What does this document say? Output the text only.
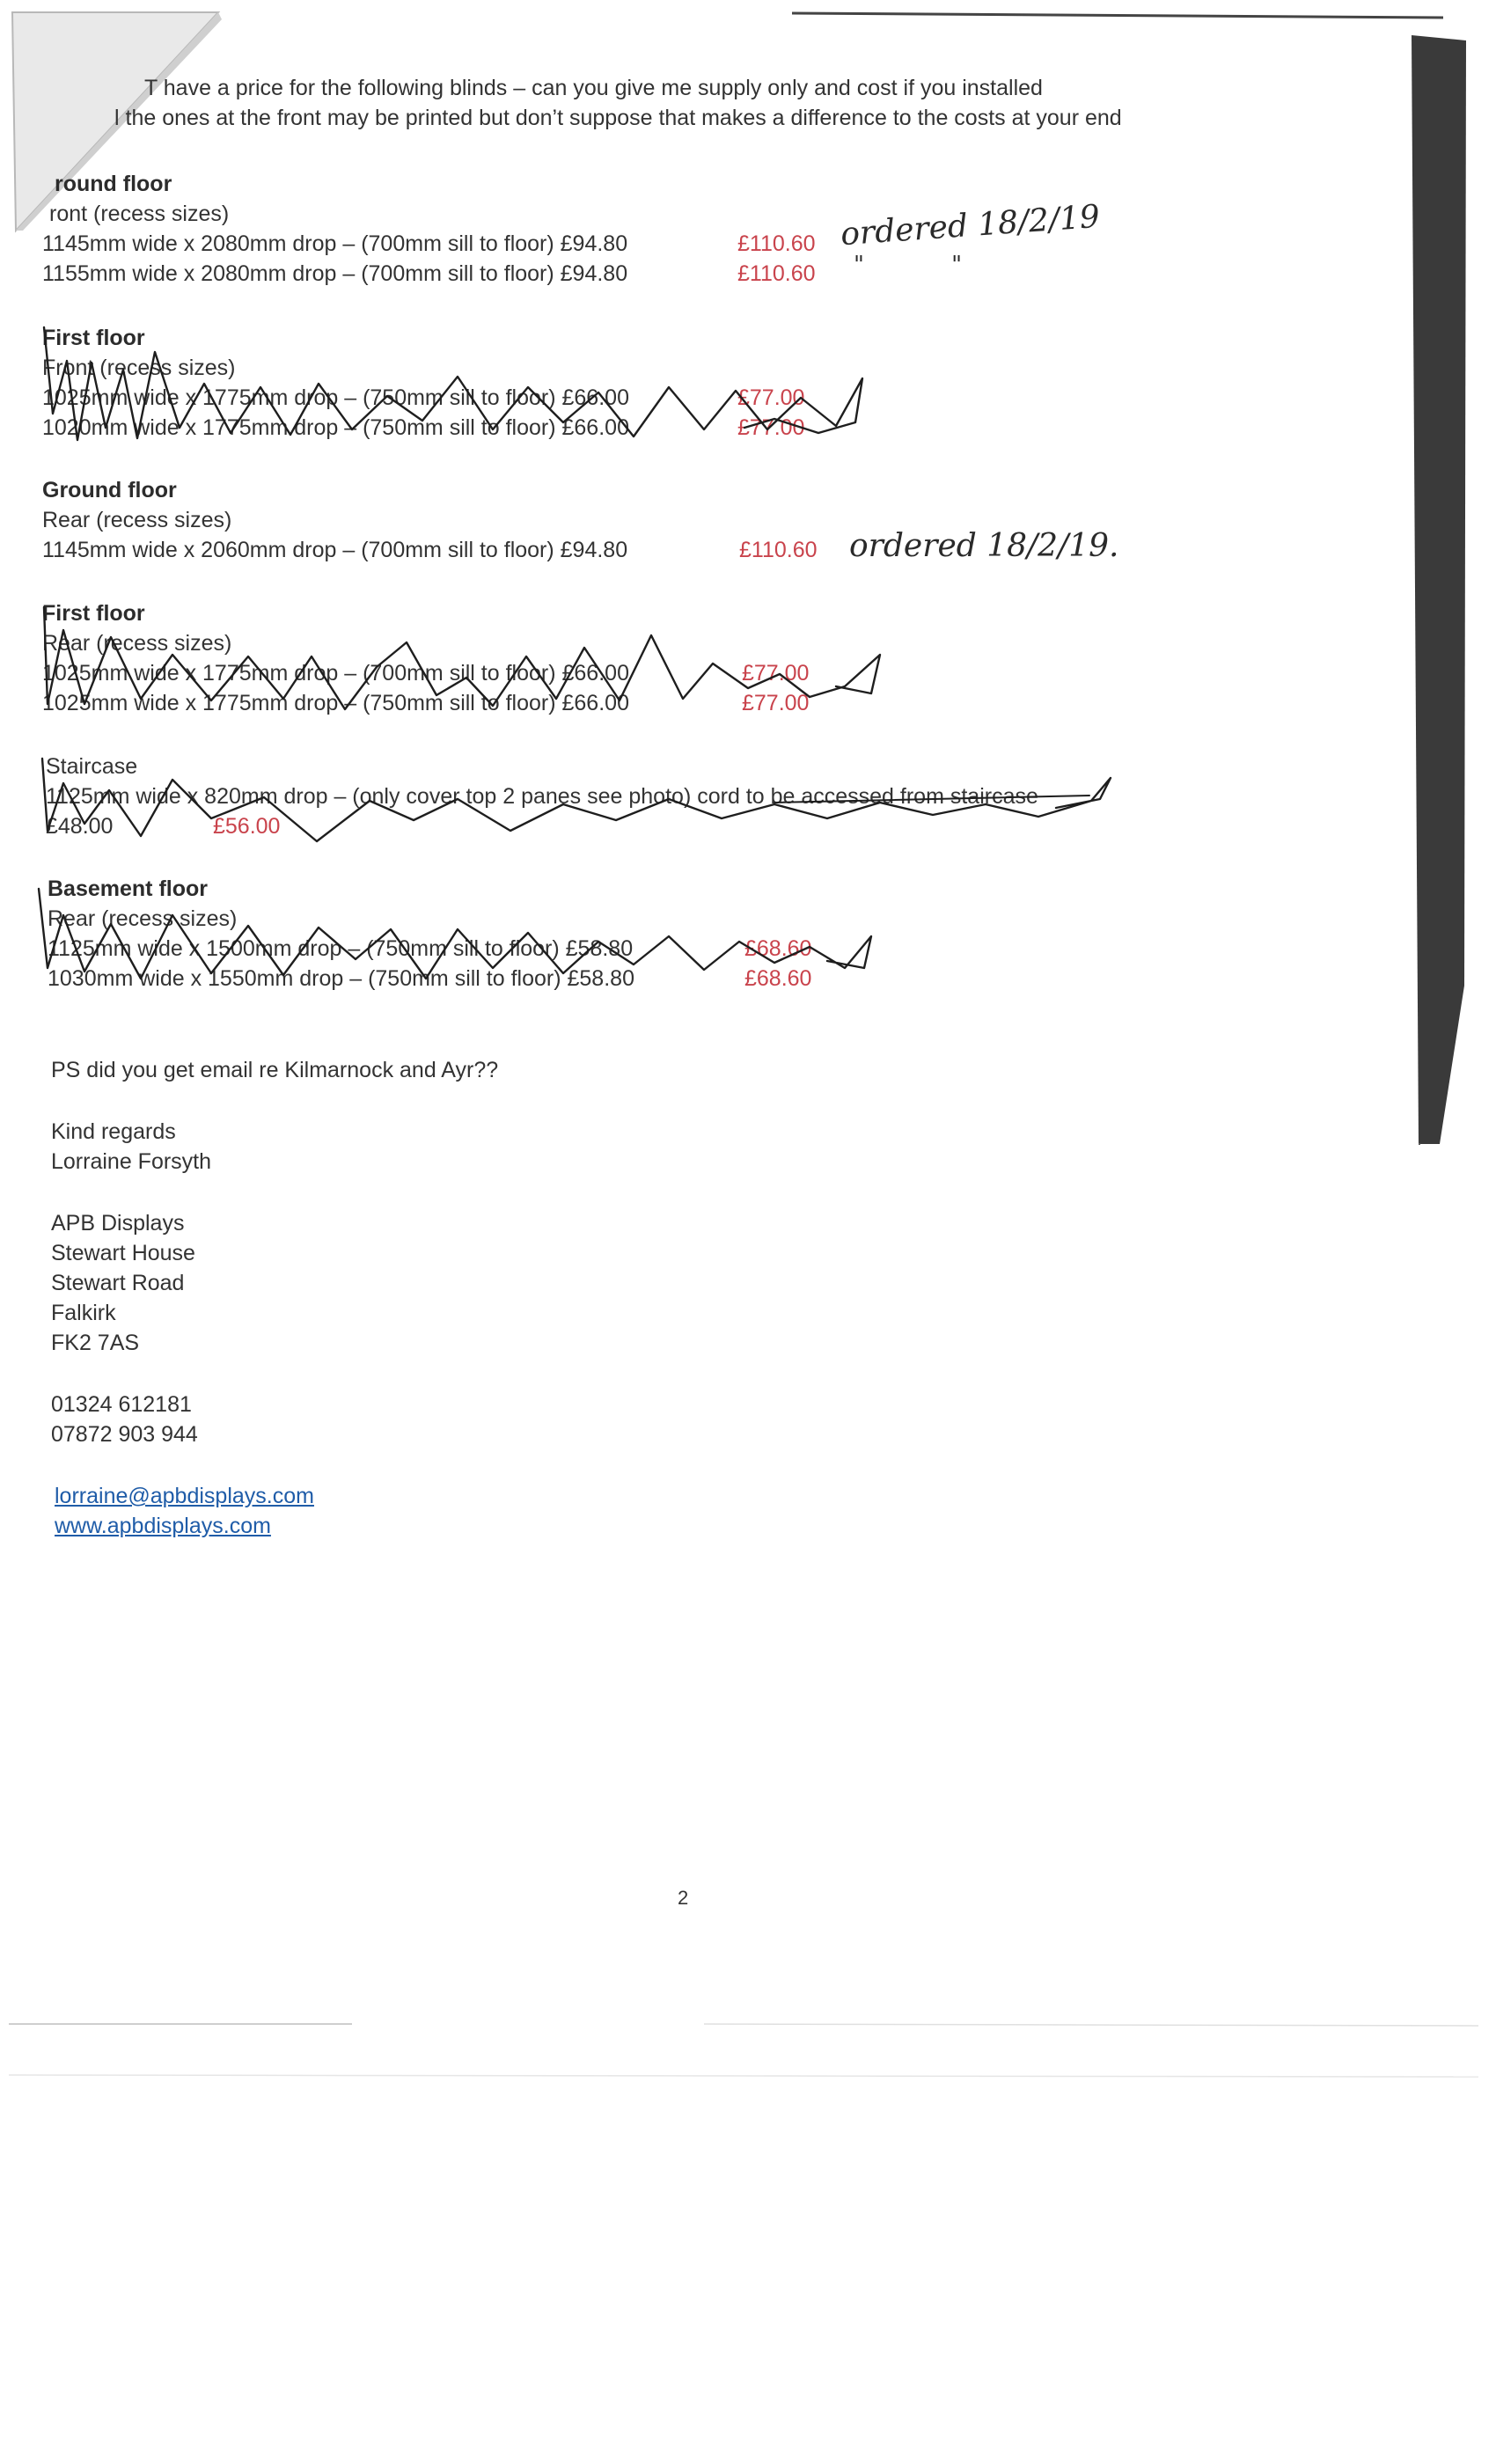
T have a price for the following blinds – can you give me supply only and cost if you installed
l the ones at the front may be printed but don’t suppose that makes a difference to the costs at your end
round floor
ront (recess sizes)
1145mm wide x 2080mm drop – (700mm sill to floor) £94.80	£110.60 ordered 18/2/19
1155mm wide x 2080mm drop – (700mm sill to floor) £94.80	£110.60 "            "
First floor
Front (recess sizes)
1025mm wide x 1775mm drop – (750mm sill to floor) £66.00	£77.00
1020mm wide x 1775mm drop – (750mm sill to floor) £66.00	£77.00
Ground floor
Rear (recess sizes)
1145mm wide x 2060mm drop – (700mm sill to floor) £94.80	£110.60 ordered 18/2/19.
First floor
Rear (recess sizes)
1025mm wide x 1775mm drop – (700mm sill to floor) £66.00	£77.00
1025mm wide x 1775mm drop – (750mm sill to floor) £66.00	£77.00
Staircase
1125mm wide x 820mm drop – (only cover top 2 panes see photo) cord to be accessed from staircase
£48.00	£56.00
Basement floor
Rear (recess sizes)
1125mm wide x 1500mm drop – (750mm sill to floor) £58.80	£68.60
1030mm wide x 1550mm drop – (750mm sill to floor) £58.80	£68.60
PS did you get email re Kilmarnock and Ayr??
Kind regards
Lorraine Forsyth
APB Displays
Stewart House
Stewart Road
Falkirk
FK2 7AS
01324 612181
07872 903 944
lorraine@apbdisplays.com
www.apbdisplays.com
2
